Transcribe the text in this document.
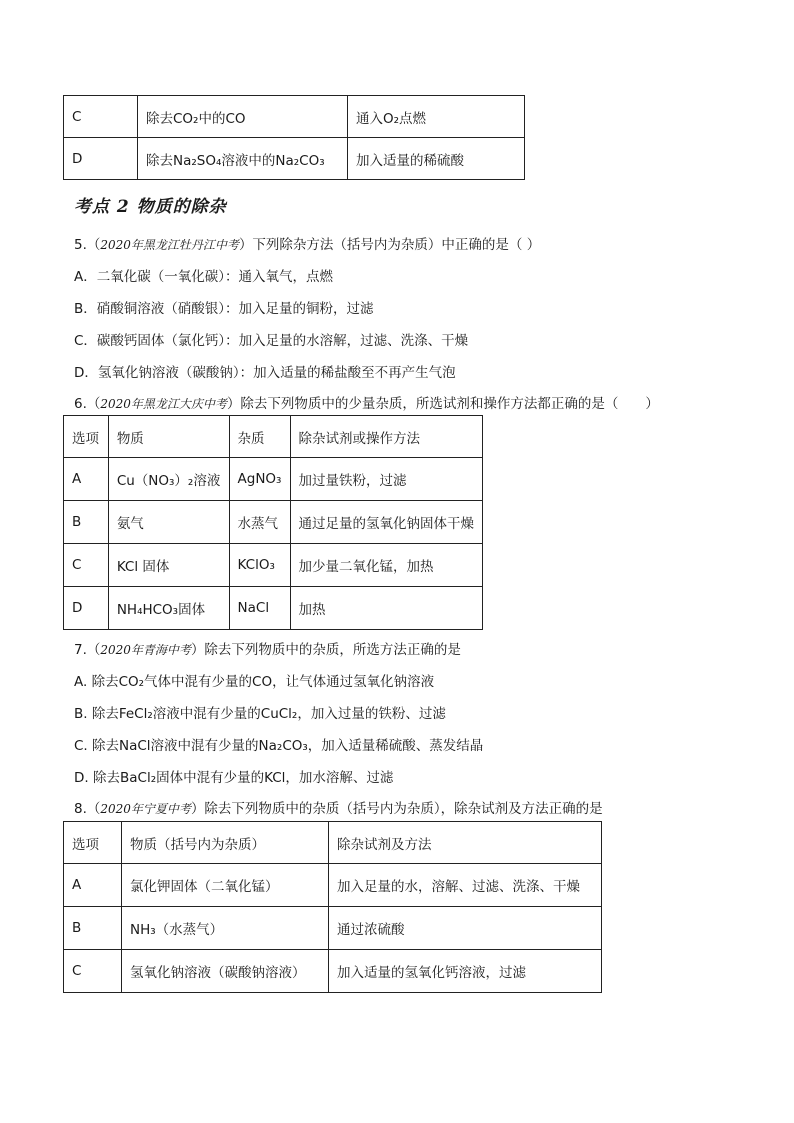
C	除去CO₂中的CO	通入O₂点燃
D	除去Na₂SO₄溶液中的Na₂CO₃	加入适量的稀硫酸
考点 2 物质的除杂
5.（2020年黑龙江牡丹江中考）下列除杂方法（括号内为杂质）中正确的是（ ）
A．二氧化碳（一氧化碳）：通入氧气，点燃
B．硝酸铜溶液（硝酸银）：加入足量的铜粉，过滤
C．碳酸钙固体（氯化钙）：加入足量的水溶解，过滤、洗涤、干燥
D．氢氧化钠溶液（碳酸钠）：加入适量的稀盐酸至不再产生气泡
6.（2020年黑龙江大庆中考）除去下列物质中的少量杂质，所选试剂和操作方法都正确的是（　　）
选项	物质	杂质	除杂试剂或操作方法
A	Cu（NO₃）₂溶液	AgNO₃	加过量铁粉，过滤
B	氨气	水蒸气	通过足量的氢氧化钠固体干燥
C	KCl 固体	KClO₃	加少量二氧化锰，加热
D	NH₄HCO₃固体	NaCl	加热
7.（2020年青海中考）除去下列物质中的杂质，所选方法正确的是
A. 除去CO₂气体中混有少量的CO，让气体通过氢氧化钠溶液
B. 除去FeCl₂溶液中混有少量的CuCl₂，加入过量的铁粉、过滤
C. 除去NaCl溶液中混有少量的Na₂CO₃，加入适量稀硫酸、蒸发结晶
D. 除去BaCl₂固体中混有少量的KCl，加水溶解、过滤
8.（2020年宁夏中考）除去下列物质中的杂质（括号内为杂质），除杂试剂及方法正确的是
选项	物质（括号内为杂质）	除杂试剂及方法
A	氯化钾固体（二氧化锰）	加入足量的水，溶解、过滤、洗涤、干燥
B	NH₃（水蒸气）	通过浓硫酸
C	氢氧化钠溶液（碳酸钠溶液）	加入适量的氢氧化钙溶液，过滤
